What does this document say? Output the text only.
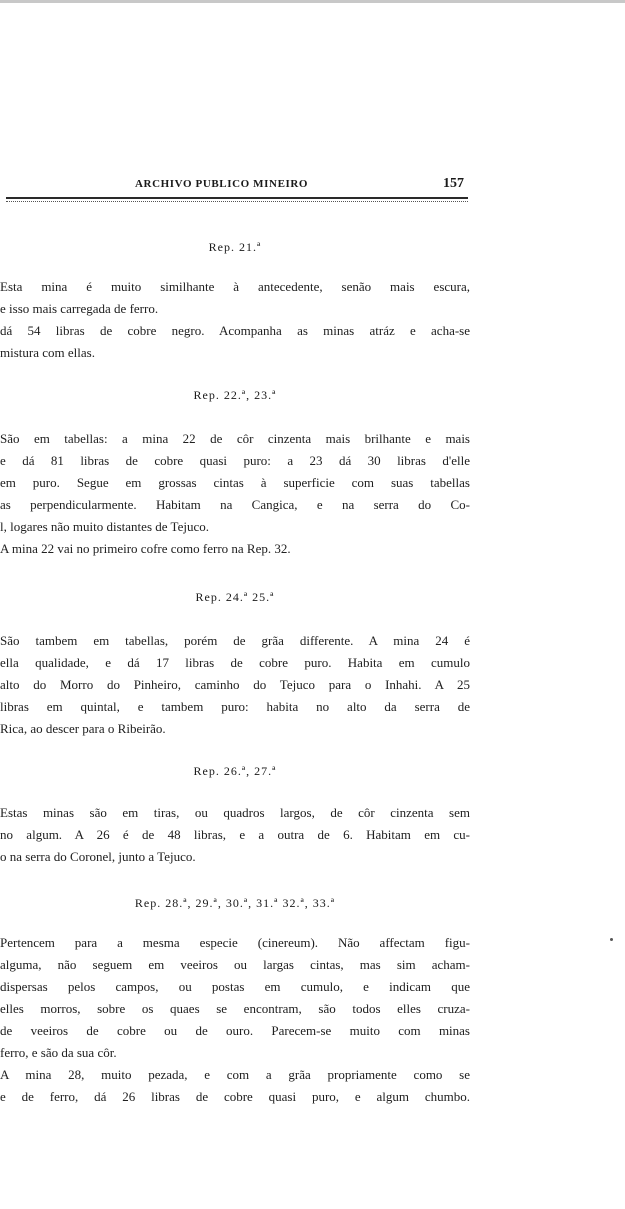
ARCHIVO PUBLICO MINEIRO	157
Rep. 21.ª
Esta mina é muito similhante à antecedente, senão mais escura,
e isso mais carregada de ferro.
dá 54 libras de cobre negro. Acompanha as minas atráz e acha-se
mistura com ellas.
Rep. 22.ª, 23.ª
São em tabellas: a mina 22 de côr cinzenta mais brilhante e mais
e dá 81 libras de cobre quasi puro: a 23 dá 30 libras d'elle
em puro. Segue em grossas cintas à superficie com suas tabellas
as perpendicularmente. Habitam na Cangica, e na serra do Co-
l, logares não muito distantes de Tejuco.
A mina 22 vai no primeiro cofre como ferro na Rep. 32.
Rep. 24.ª 25.ª
São tambem em tabellas, porém de grãa differente. A mina 24 é
ella qualidade, e dá 17 libras de cobre puro. Habita em cumulo
alto do Morro do Pinheiro, caminho do Tejuco para o Inhahi. A 25
libras em quintal, e tambem puro: habita no alto da serra de
Rica, ao descer para o Ribeirão.
Rep. 26.ª, 27.ª
Estas minas são em tiras, ou quadros largos, de côr cinzenta sem
no algum. A 26 é de 48 libras, e a outra de 6. Habitam em cu-
o na serra do Coronel, junto a Tejuco.
Rep. 28.ª, 29.ª, 30.ª, 31.ª 32.ª, 33.ª
Pertencem para a mesma especie (cinereum). Não affectam figu-
alguma, não seguem em veeiros ou largas cintas, mas sim acham-
dispersas pelos campos, ou postas em cumulo, e indicam que
elles morros, sobre os quaes se encontram, são todos elles cruza-
de veeiros de cobre ou de ouro. Parecem-se muito com minas
ferro, e são da sua côr.
A mina 28, muito pezada, e com a grãa propriamente como se
e de ferro, dá 26 libras de cobre quasi puro, e algum chumbo.
